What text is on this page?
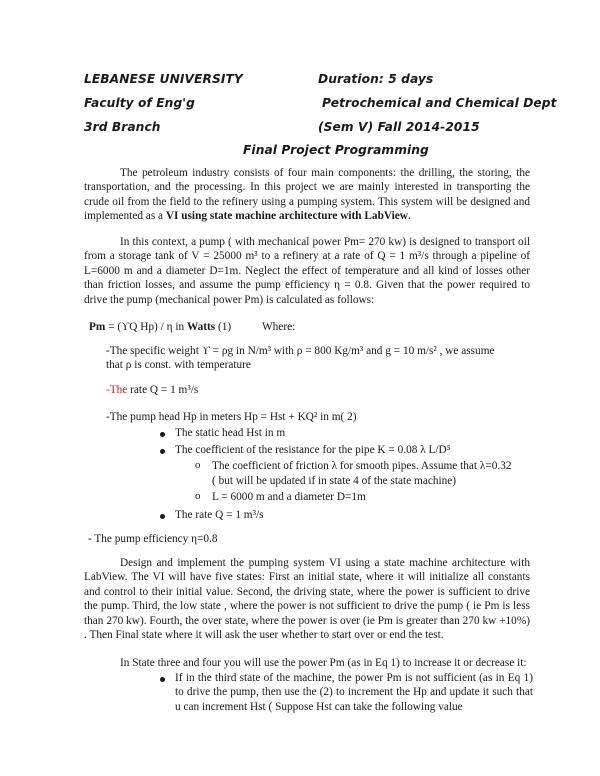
LEBANESE UNIVERSITY	Duration: 5 days
Faculty of Eng'g	Petrochemical and Chemical Dept
3rd Branch	(Sem V) Fall 2014-2015
Final Project Programming
The petroleum industry consists of four main components: the drilling, the storing, the transportation, and the processing. In this project we are mainly interested in transporting the crude oil from the field to the refinery using a pumping system. This system will be designed and implemented as a VI using state machine architecture with LabView.
In this context, a pump ( with mechanical power Pm= 270 kw) is designed to transport oil from a storage tank of V = 25000 m³ to a refinery at a rate of Q = 1 m³/s through a pipeline of L=6000 m and a diameter D=1m. Neglect the effect of temperature and all kind of losses other than friction losses, and assume the pump efficiency η = 0.8. Given that the power required to drive the pump (mechanical power Pm) is calculated as follows:
Pm = (ϒQ Hp) / η in Watts (1)	Where:
-The specific weight ϒ = ρg in N/m³ with ρ = 800 Kg/m³ and g = 10 m/s² , we assume
that ρ is const. with temperature
-The rate Q = 1 m³/s
-The pump head Hp in meters Hp = Hst + KQ² in m( 2)
The static head Hst in m
The coefficient of the resistance for the pipe K = 0.08 λ L/D⁵
o The coefficient of friction λ for smooth pipes. Assume that λ=0.32
( but will be updated if in state 4 of the state machine)
o L = 6000 m and a diameter D=1m
The rate Q = 1 m³/s
- The pump efficiency η=0.8
Design and implement the pumping system VI using a state machine architecture with LabView. The VI will have five states: First an initial state, where it will initialize all constants and control to their initial value. Second, the driving state, where the power is sufficient to drive the pump. Third, the low state , where the power is not sufficient to drive the pump ( ie Pm is less than 270 kw). Fourth, the over state, where the power is over (ie Pm is greater than 270 kw +10%) . Then Final state where it will ask the user whether to start over or end the test.
In State three and four you will use the power Pm (as in Eq 1) to increase it or decrease it:
If in the third state of the machine, the power Pm is not sufficient (as in Eq 1) to drive the pump, then use the (2) to increment the Hp and update it such that u can increment Hst ( Suppose Hst can take the following value
